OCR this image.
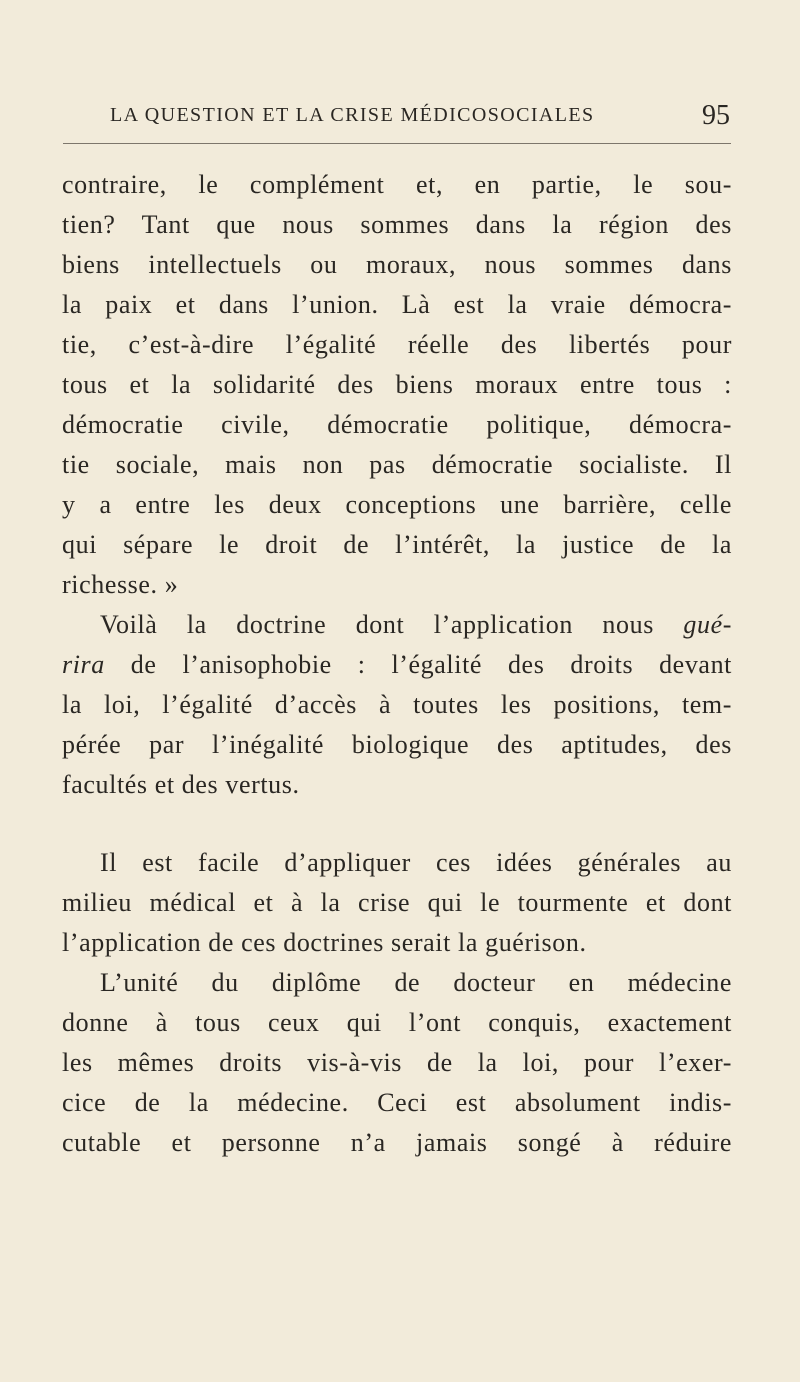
LA QUESTION ET LA CRISE MÉDICOSOCIALES	95
contraire, le complément et, en partie, le sou-
tien? Tant que nous sommes dans la région des
biens intellectuels ou moraux, nous sommes dans
la paix et dans l’union. Là est la vraie démocra-
tie, c’est-à-dire l’égalité réelle des libertés pour
tous et la solidarité des biens moraux entre tous :
démocratie civile, démocratie politique, démocra-
tie sociale, mais non pas démocratie socialiste. Il
y a entre les deux conceptions une barrière, celle
qui sépare le droit de l’intérêt, la justice de la
richesse. »
Voilà la doctrine dont l’application nous gué-
rira de l’anisophobie : l’égalité des droits devant
la loi, l’égalité d’accès à toutes les positions, tem-
pérée par l’inégalité biologique des aptitudes, des
facultés et des vertus.
Il est facile d’appliquer ces idées générales au
milieu médical et à la crise qui le tourmente et dont
l’application de ces doctrines serait la guérison.
L’unité du diplôme de docteur en médecine
donne à tous ceux qui l’ont conquis, exactement
les mêmes droits vis-à-vis de la loi, pour l’exer-
cice de la médecine. Ceci est absolument indis-
cutable et personne n’a jamais songé à réduire
